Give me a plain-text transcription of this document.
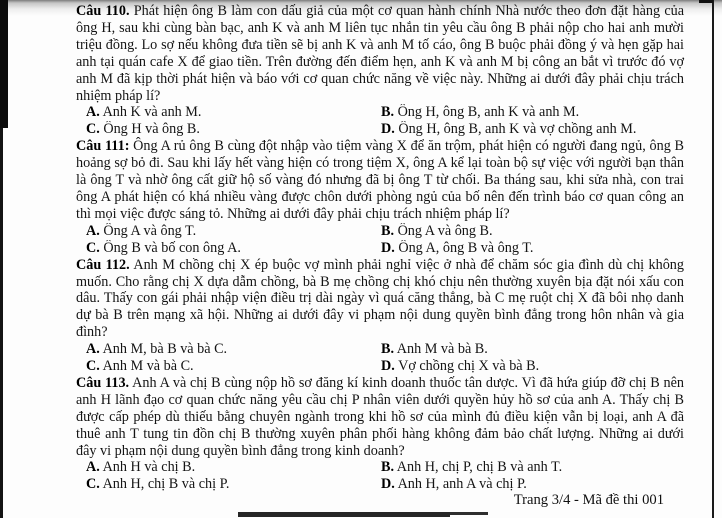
Câu 110. Phát hiện ông B làm con dấu giả của một cơ quan hành chính Nhà nước theo đơn đặt hàng của ông H, sau khi cùng bàn bạc, anh K và anh M liên tục nhắn tin yêu cầu ông B phải nộp cho hai anh mười triệu đồng. Lo sợ nếu không đưa tiền sẽ bị anh K và anh M tố cáo, ông B buộc phải đồng ý và hẹn gặp hai anh tại quán cafe X để giao tiền. Trên đường đến điểm hẹn, anh K và anh M bị công an bắt vì trước đó vợ anh M đã kịp thời phát hiện và báo với cơ quan chức năng về việc này. Những ai dưới đây phải chịu trách nhiệm pháp lí?

A. Anh K và anh M.	B. Ông H, ông B, anh K và anh M.
C. Ông H và ông B.	D. Ông H, ông B, anh K và vợ chồng anh M.

Câu 111: Ông A rủ ông B cùng đột nhập vào tiệm vàng X để ăn trộm, phát hiện có người đang ngủ, ông B hoảng sợ bỏ đi. Sau khi lấy hết vàng hiện có trong tiệm X, ông A kể lại toàn bộ sự việc với người bạn thân là ông T và nhờ ông cất giữ hộ số vàng đó nhưng đã bị ông T từ chối. Ba tháng sau, khi sửa nhà, con trai ông A phát hiện có khá nhiều vàng được chôn dưới phòng ngủ của bố nên đến trình báo cơ quan công an thì mọi việc được sáng tỏ. Những ai dưới đây phải chịu trách nhiệm pháp lí?

A. Ông A và ông T.	B. Ông A và ông B.
C. Ông B và bố con ông A.	D. Ông A, ông B và ông T.

Câu 112. Anh M chồng chị X ép buộc vợ mình phải nghỉ việc ở nhà để chăm sóc gia đình dù chị không muốn. Cho rằng chị X dựa dẫm chồng, bà B mẹ chồng chị khó chịu nên thường xuyên bịa đặt nói xấu con dâu. Thấy con gái phải nhập viện điều trị dài ngày vì quá căng thẳng, bà C mẹ ruột chị X đã bôi nhọ danh dự bà B trên mạng xã hội. Những ai dưới đây vi phạm nội dung quyền bình đẳng trong hôn nhân và gia đình?

A. Anh M, bà B và bà C.	B. Anh M và bà B.
C. Anh M và bà C.	D. Vợ chồng chị X và bà B.

Câu 113. Anh A và chị B cùng nộp hồ sơ đăng kí kinh doanh thuốc tân dược. Vì đã hứa giúp đỡ chị B nên anh H lãnh đạo cơ quan chức năng yêu cầu chị P nhân viên dưới quyền hủy hồ sơ của anh A. Thấy chị B được cấp phép dù thiếu bằng chuyên ngành trong khi hồ sơ của mình đủ điều kiện vẫn bị loại, anh A đã thuê anh T tung tin đồn chị B thường xuyên phân phối hàng không đảm bảo chất lượng. Những ai dưới đây vi phạm nội dung quyền bình đẳng trong kinh doanh?

A. Anh H và chị B.	B. Anh H, chị P, chị B và anh T.
C. Anh H, chị B và chị P.	D. Anh H, anh A và chị P.
Trang 3/4 - Mã đề thi 001
